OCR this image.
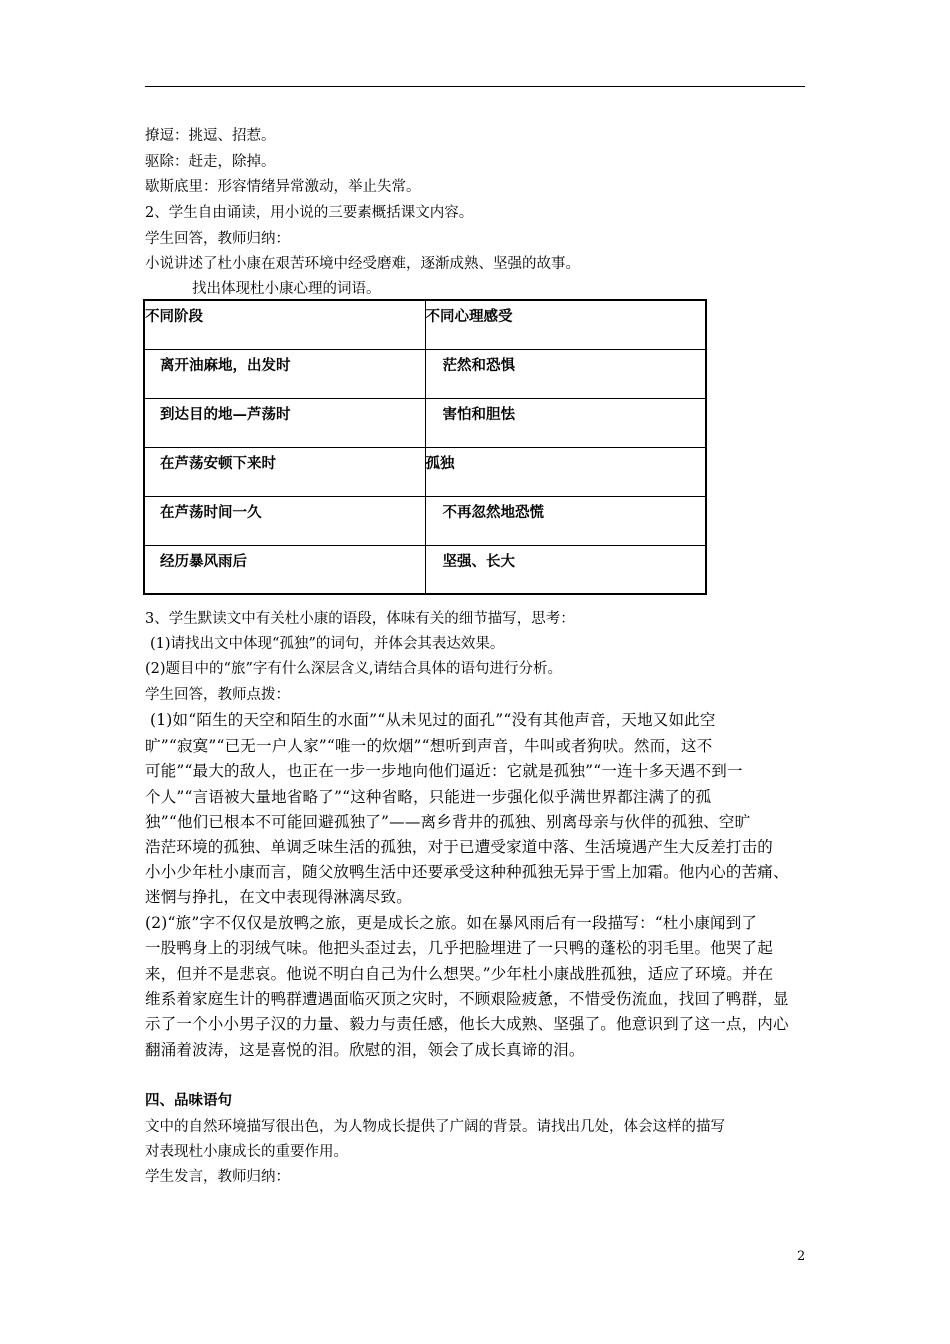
撩逗：挑逗、招惹。
驱除：赶走，除掉。
歇斯底里：形容情绪异常激动，举止失常。
2、学生自由诵读，用小说的三要素概括课文内容。
学生回答，教师归纳：
小说讲述了杜小康在艰苦环境中经受磨难，逐渐成熟、坚强的故事。
找出体现杜小康心理的词语。
不同阶段	不同心理感受
离开油麻地，出发时	茫然和恐惧
到达目的地—芦荡时	害怕和胆怯
在芦荡安顿下来时	孤独
在芦荡时间一久	不再忽然地恐慌
经历暴风雨后	坚强、长大
3、学生默读文中有关杜小康的语段，体味有关的细节描写，思考：
(1)请找出文中体现“孤独”的词句，并体会其表达效果。
(2)题目中的“旅”字有什么深层含义,请结合具体的语句进行分析。
学生回答，教师点拨：
(1)如“陌生的天空和陌生的水面”“从未见过的面孔”“没有其他声音，天地又如此空
旷”“寂寞”“已无一户人家”“唯一的炊烟”“想听到声音，牛叫或者狗吠。然而，这不
可能”“最大的敌人，也正在一步一步地向他们逼近：它就是孤独”“一连十多天遇不到一
个人”“言语被大量地省略了”“这种省略，只能进一步强化似乎满世界都注满了的孤
独”“他们已根本不可能回避孤独了”——离乡背井的孤独、别离母亲与伙伴的孤独、空旷
浩茫环境的孤独、单调乏味生活的孤独，对于已遭受家道中落、生活境遇产生大反差打击的
小小少年杜小康而言，随父放鸭生活中还要承受这种种孤独无异于雪上加霜。他内心的苦痛、
迷惘与挣扎，在文中表现得淋漓尽致。
(2)“旅”字不仅仅是放鸭之旅，更是成长之旅。如在暴风雨后有一段描写：“杜小康闻到了
一股鸭身上的羽绒气味。他把头歪过去，几乎把脸埋进了一只鸭的蓬松的羽毛里。他哭了起
来，但并不是悲哀。他说不明白自己为什么想哭。”少年杜小康战胜孤独，适应了环境。并在
维系着家庭生计的鸭群遭遇面临灭顶之灾时，不顾艰险疲惫，不惜受伤流血，找回了鸭群，显
示了一个小小男子汉的力量、毅力与责任感，他长大成熟、坚强了。他意识到了这一点，内心
翻涌着波涛，这是喜悦的泪。欣慰的泪，领会了成长真谛的泪。
四、品味语句
文中的自然环境描写很出色，为人物成长提供了广阔的背景。请找出几处，体会这样的描写
对表现杜小康成长的重要作用。
学生发言，教师归纳：
2
